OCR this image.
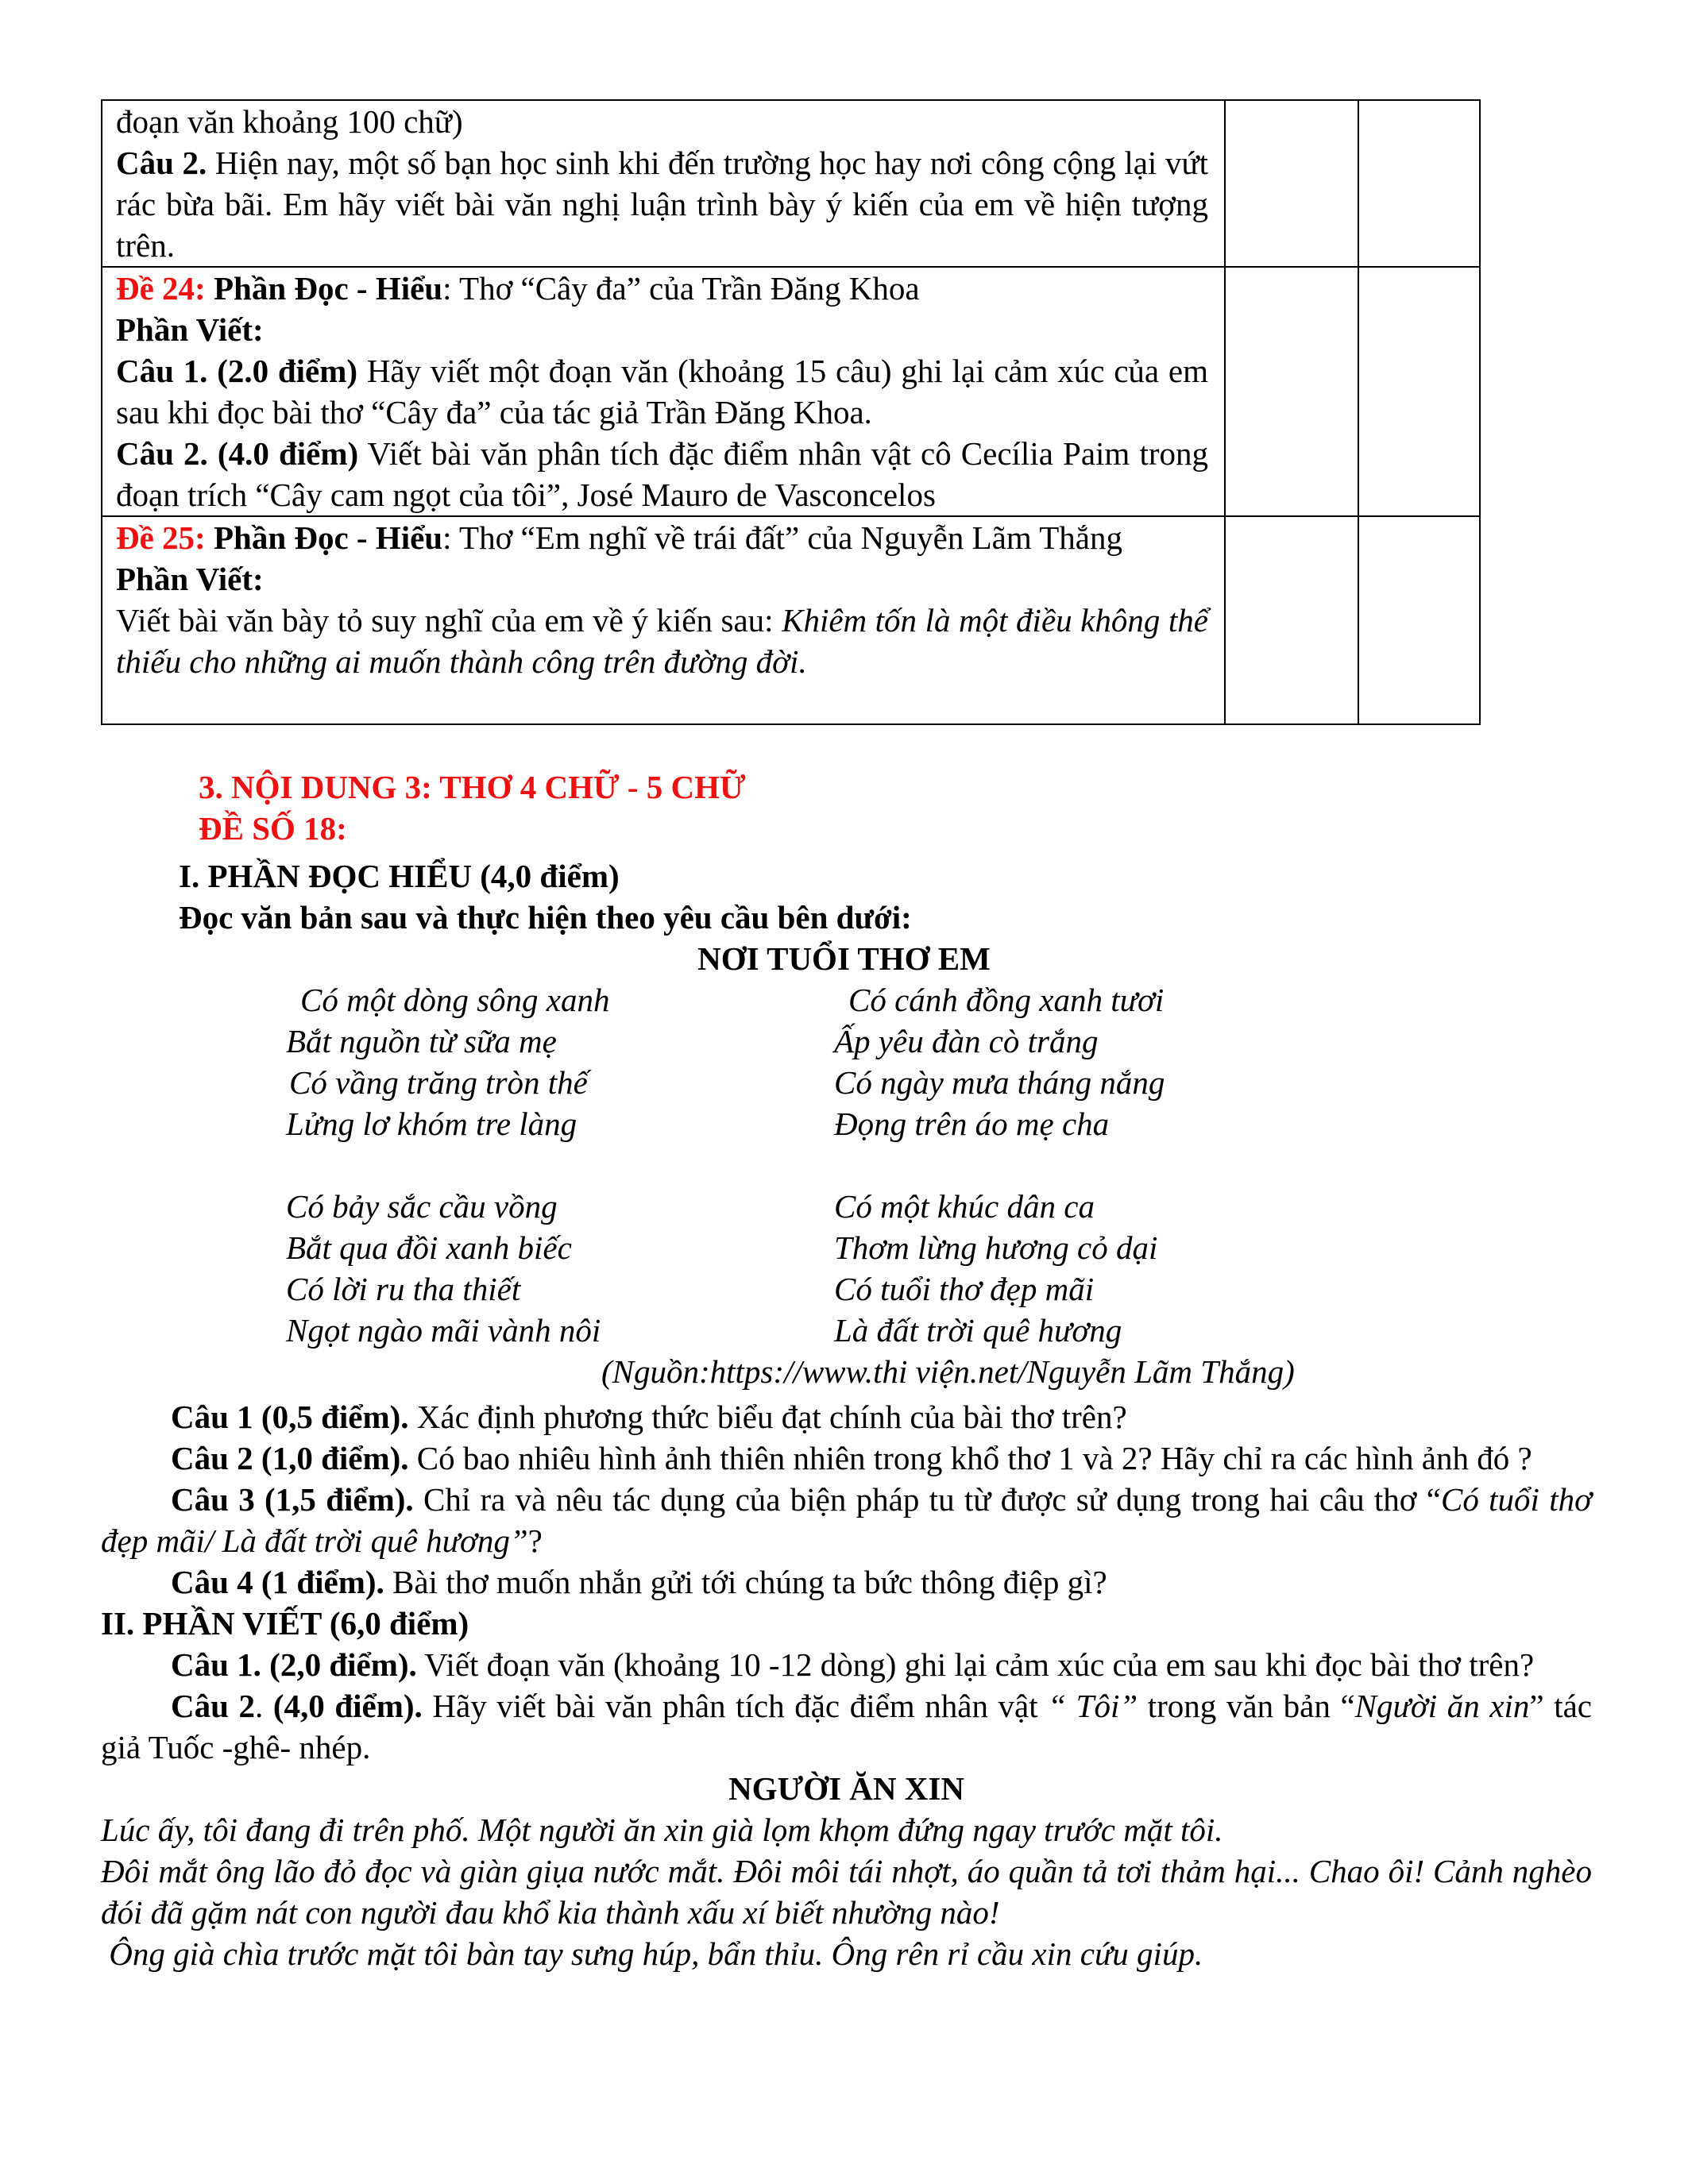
đoạn văn khoảng 100 chữ)

Câu 2. Hiện nay, một số bạn học sinh khi đến trường học hay nơi công cộng lại vứt rác bừa bãi. Em hãy viết bài văn nghị luận trình bày ý kiến của em về hiện tượng trên.		

Đề 24: Phần Đọc - Hiểu: Thơ “Cây đa” của Trần Đăng Khoa

Phần Viết:

Câu 1. (2.0 điểm) Hãy viết một đoạn văn (khoảng 15 câu) ghi lại cảm xúc của em sau khi đọc bài thơ “Cây đa” của tác giả Trần Đăng Khoa.

Câu 2. (4.0 điểm) Viết bài văn phân tích đặc điểm nhân vật cô Cecília Paim trong đoạn trích “Cây cam ngọt của tôi”, José Mauro de Vasconcelos		

Đề 25: Phần Đọc - Hiểu: Thơ “Em nghĩ về trái đất” của Nguyễn Lãm Thắng

Phần Viết:

Viết bài văn bày tỏ suy nghĩ của em về ý kiến sau: Khiêm tốn là một điều không thể thiếu cho những ai muốn thành công trên đường đời.		

3. NỘI DUNG 3: THƠ 4 CHỮ - 5 CHỮ

ĐỀ SỐ 18:

I. PHẦN ĐỌC HIỂU (4,0 điểm)

Đọc văn bản sau và thực hiện theo yêu cầu bên dưới:

NƠI TUỔI THƠ EM

Có một dòng sông xanh
Bắt nguồn từ sữa mẹ
Có vầng trăng tròn thế
Lửng lơ khóm tre làng
Có bảy sắc cầu vồng
Bắt qua đồi xanh biếc
Có lời ru tha thiết
Ngọt ngào mãi vành nôi
Có cánh đồng xanh tươi
Ấp yêu đàn cò trắng
Có ngày mưa tháng nắng
Đọng trên áo mẹ cha
Có một khúc dân ca
Thơm lừng hương cỏ dại
Có tuổi thơ đẹp mãi
Là đất trời quê hương

(Nguồn:https://www.thi viện.net/Nguyễn Lãm Thắng)

Câu 1 (0,5 điểm). Xác định phương thức biểu đạt chính của bài thơ trên?

Câu 2 (1,0 điểm). Có bao nhiêu hình ảnh thiên nhiên trong khổ thơ 1 và 2? Hãy chỉ ra các hình ảnh đó ?

Câu 3 (1,5 điểm). Chỉ ra và nêu tác dụng của biện pháp tu từ được sử dụng trong hai câu thơ “Có tuổi thơ đẹp mãi/ Là đất trời quê hương”?

Câu 4 (1 điểm). Bài thơ muốn nhắn gửi tới chúng ta bức thông điệp gì?

II. PHẦN VIẾT (6,0 điểm)

Câu 1. (2,0 điểm). Viết đoạn văn (khoảng 10 -12 dòng) ghi lại cảm xúc của em sau khi đọc bài thơ trên?

Câu 2. (4,0 điểm). Hãy viết bài văn phân tích đặc điểm nhân vật “ Tôi” trong văn bản “Người ăn xin” tác giả Tuốc -ghê- nhép.

NGƯỜI ĂN XIN

Lúc ấy, tôi đang đi trên phố. Một người ăn xin già lọm khọm đứng ngay trước mặt tôi.

Đôi mắt ông lão đỏ đọc và giàn giụa nước mắt. Đôi môi tái nhợt, áo quần tả tơi thảm hại... Chao ôi! Cảnh nghèo đói đã gặm nát con người đau khổ kia thành xấu xí biết nhường nào!

Ông già chìa trước mặt tôi bàn tay sưng húp, bẩn thỉu. Ông rên rỉ cầu xin cứu giúp.
